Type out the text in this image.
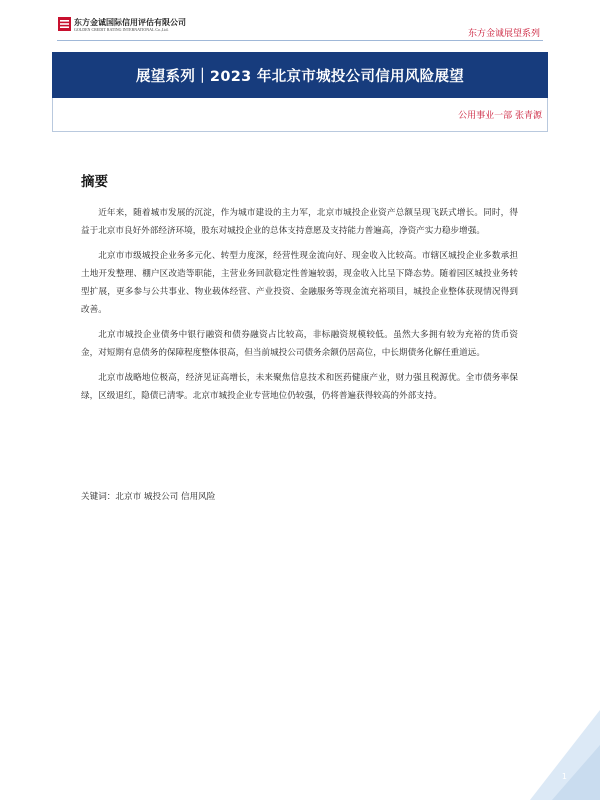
东方金诚国际信用评估有限公司
GOLDEN CREDIT RATING INTERNATIONAL Co.,Ltd.	东方金诚展望系列
展望系列｜2023 年北京市城投公司信用风险展望
公用事业一部 张青源
摘要

近年来，随着城市发展的沉淀，作为城市建设的主力军，北京市城投企业资产总额呈现飞跃式增长。同时，得益于北京市良好外部经济环境，股东对城投企业的总体支持意愿及支持能力普遍高，净资产实力稳步增强。

北京市市级城投企业务多元化、转型力度深，经营性现金流向好、现金收入比较高。市辖区城投企业多数承担土地开发整理、棚户区改造等职能，主营业务回款稳定性普遍较弱，现金收入比呈下降态势。随着园区城投业务转型扩展，更多参与公共事业、物业载体经营、产业投资、金融服务等现金流充裕项目，城投企业整体获现情况得到改善。

北京市城投企业债务中银行融资和债券融资占比较高，非标融资规模较低。虽然大多拥有较为充裕的货币资金，对短期有息债务的保障程度整体很高，但当前城投公司债务余额仍居高位，中长期债务化解任重道远。

北京市战略地位极高，经济见证高增长，未来聚焦信息技术和医药健康产业，财力强且税源优。全市债务率保绿，区级退红，隐债已清零。北京市城投企业专营地位仍较强，仍将普遍获得较高的外部支持。

关键词：北京市 城投公司 信用风险
1
